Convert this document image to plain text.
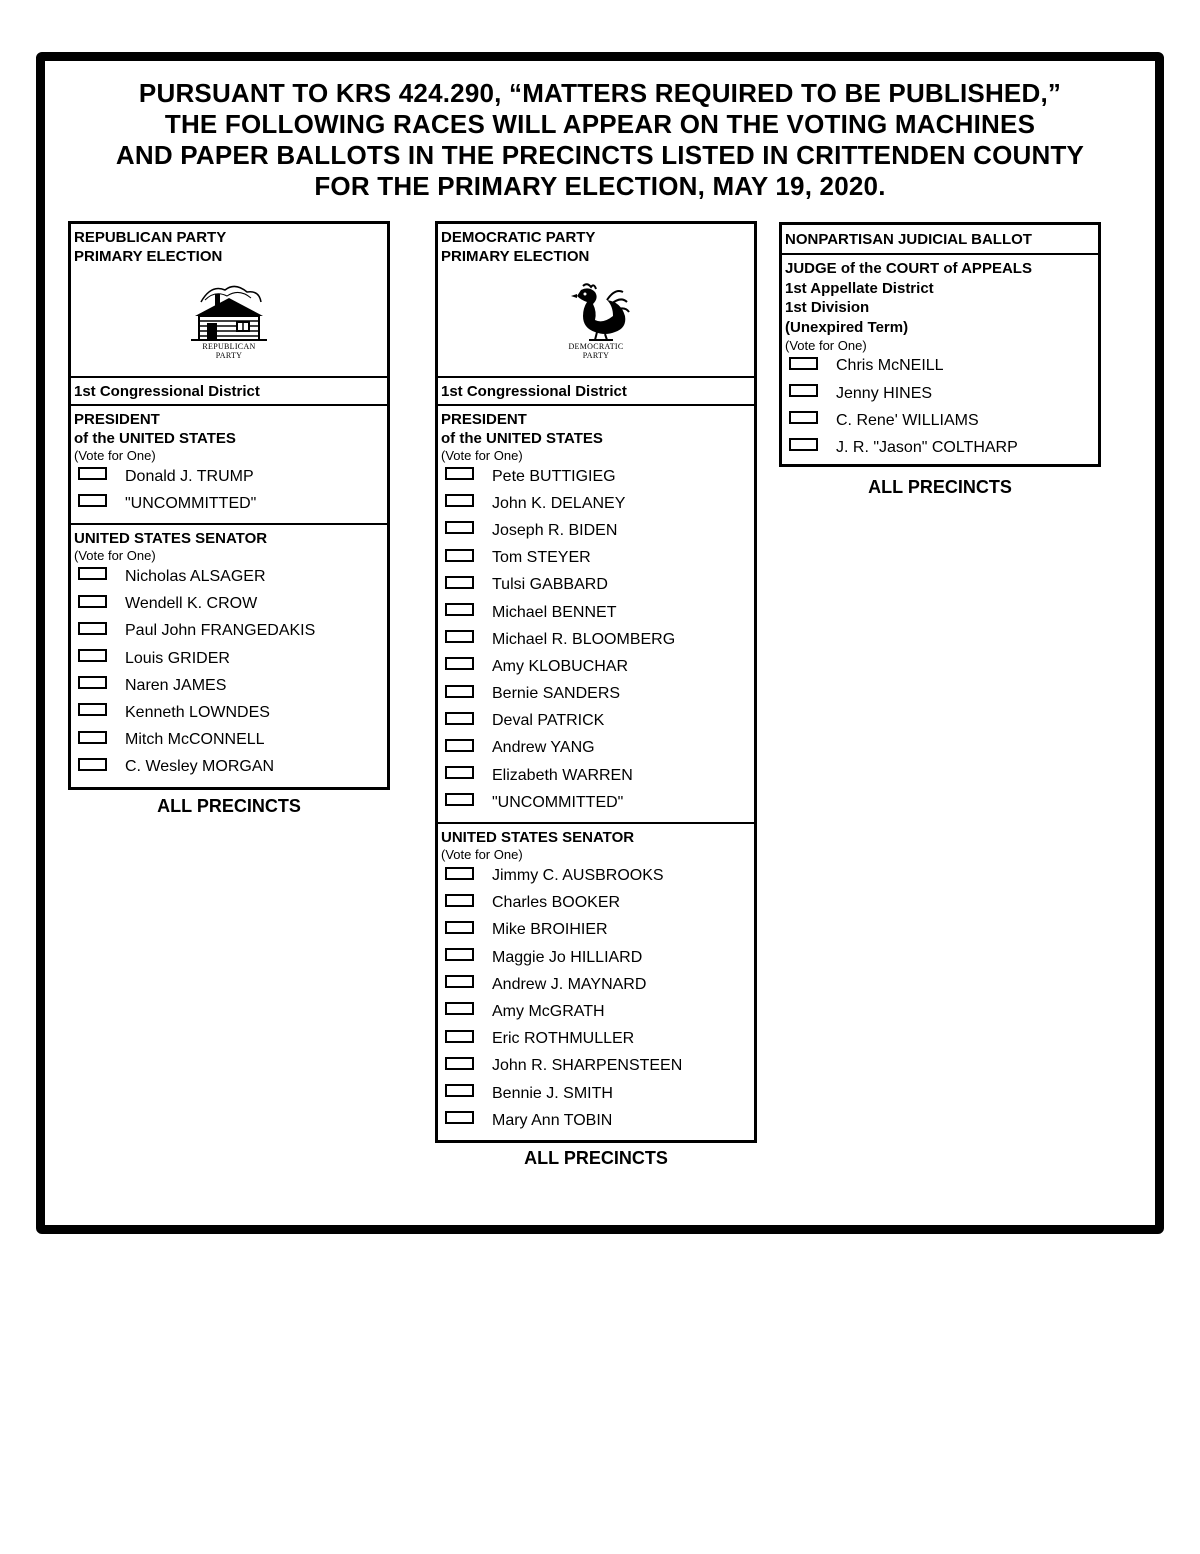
PURSUANT TO KRS 424.290, “MATTERS REQUIRED TO BE PUBLISHED,”
THE FOLLOWING RACES WILL APPEAR ON THE VOTING MACHINES
AND PAPER BALLOTS IN THE PRECINCTS LISTED IN CRITTENDEN COUNTY
FOR THE PRIMARY ELECTION, MAY 19, 2020.
REPUBLICAN PARTY
PRIMARY ELECTION
REPUBLICAN
PARTY
1st Congressional District
PRESIDENT
of the UNITED STATES
(Vote for One)
Donald J. TRUMP
"UNCOMMITTED"
UNITED STATES SENATOR
(Vote for One)
Nicholas ALSAGER
Wendell K. CROW
Paul John FRANGEDAKIS
Louis GRIDER
Naren JAMES
Kenneth LOWNDES
Mitch McCONNELL
C. Wesley MORGAN
ALL PRECINCTS
DEMOCRATIC PARTY
PRIMARY ELECTION
DEMOCRATIC
PARTY
1st Congressional District
PRESIDENT
of the UNITED STATES
(Vote for One)
Pete BUTTIGIEG
John K. DELANEY
Joseph R. BIDEN
Tom STEYER
Tulsi GABBARD
Michael BENNET
Michael R. BLOOMBERG
Amy KLOBUCHAR
Bernie SANDERS
Deval PATRICK
Andrew YANG
Elizabeth WARREN
"UNCOMMITTED"
UNITED STATES SENATOR
(Vote for One)
Jimmy C. AUSBROOKS
Charles BOOKER
Mike BROIHIER
Maggie Jo HILLIARD
Andrew J. MAYNARD
Amy McGRATH
Eric ROTHMULLER
John R. SHARPENSTEEN
Bennie J. SMITH
Mary Ann TOBIN
ALL PRECINCTS
NONPARTISAN JUDICIAL BALLOT
JUDGE of the COURT of APPEALS
1st Appellate District
1st Division
(Unexpired Term)
(Vote for One)
Chris McNEILL
Jenny HINES
C. Rene' WILLIAMS
J. R. "Jason" COLTHARP
ALL PRECINCTS
